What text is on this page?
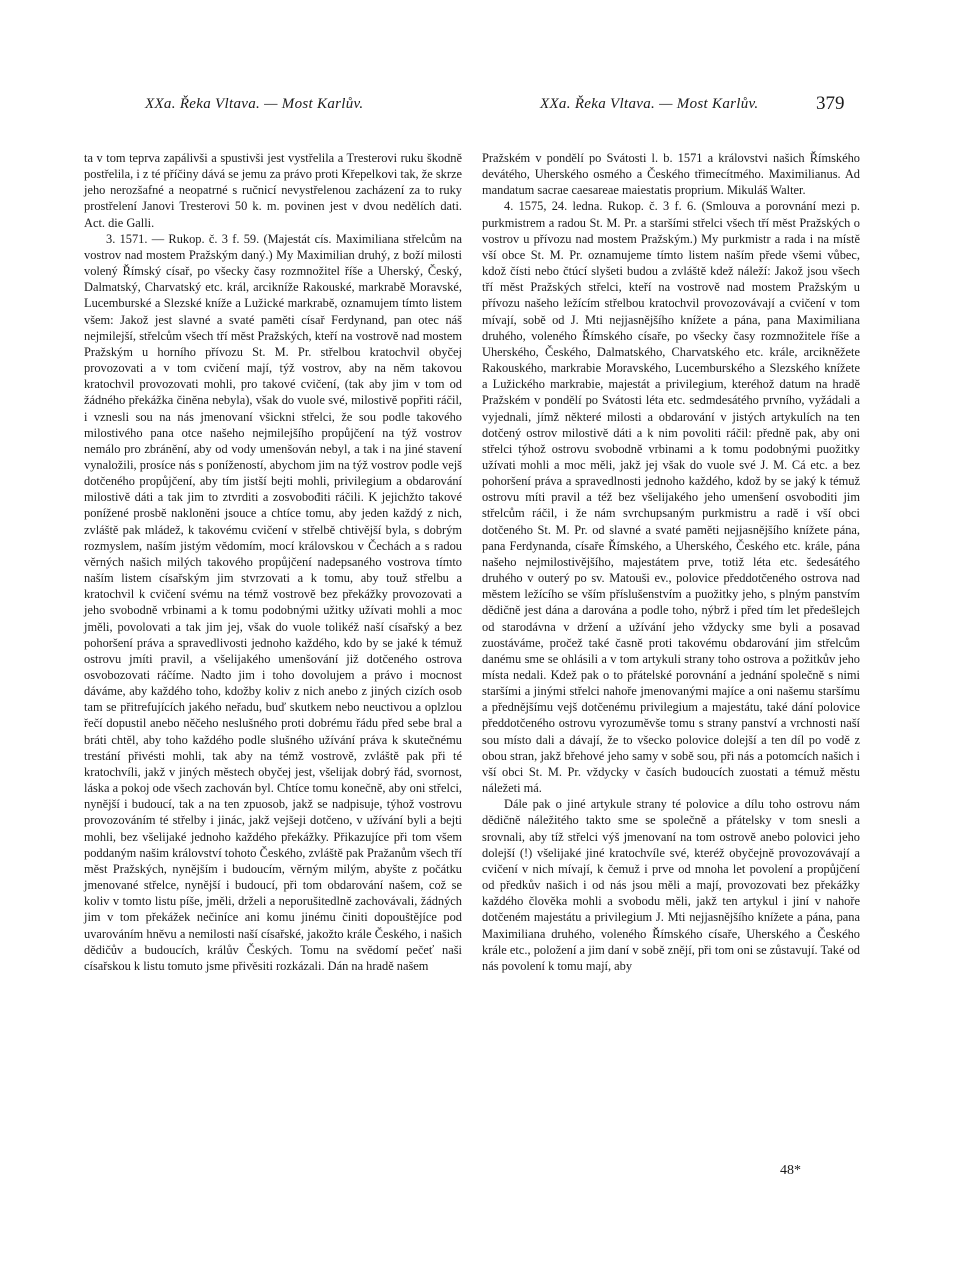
XXa. Řeka Vltava. — Most Karlův.	XXa. Řeka Vltava. — Most Karlův.	379

ta v tom teprva zapálivši a spustivši jest vystřelila a Tresterovi ruku škodně postřelila, i z té příčiny dává se jemu za právo proti Křepelkovi tak, že skrze jeho nerozšafné a neopatrné s ručnicí nevystřelenou zacházení za to ruky prostřelení Janovi Tresterovi 50 k. m. povinen jest v dvou nedělích dati. Act. die Galli.

3. 1571. — Rukop. č. 3 f. 59. (Majestát cís. Maximiliana střelcům na vostrov nad mostem Pražským daný.) My Maximilian druhý, z boží milosti volený Římský císař, po všecky časy rozmnožitel říše a Uherský, Český, Dalmatský, Charvatský etc. král, arcikníže Rakouské, markrabě Moravské, Lucemburské a Slezské kníže a Lužické markrabě, oznamujem tímto listem všem: Jakož jest slavné a svaté paměti císař Ferdynand, pan otec náš nejmilejší, střelcům všech tří měst Pražských, kteří na vostrově nad mostem Pražským u horního přívozu St. M. Pr. střelbou kratochvil obyčej provozovati a v tom cvičení mají, týž vostrov, aby na něm takovou kratochvil provozovati mohli, pro takové cvičení, (tak aby jim v tom od žádného překážka činěna nebyla), však do vuole své, milostivě popřiti ráčil, i vznesli sou na nás jmenovaní všickni střelci, že sou podle takového milostivého pana otce našeho nejmilejšího propůjčení na týž vostrov nemálo pro zbránění, aby od vody umenšován nebyl, a tak i na jiné stavení vynaložili, prosíce nás s ponížeností, abychom jim na týž vostrov podle vejš dotčeného propůjčení, aby tím jistší bejti mohli, privilegium a obdarování milostivě dáti a tak jim to ztvrditi a zosvobođiti ráčili. K jejichžto takové ponížené prosbě nakloněni jsouce a chtíce tomu, aby jeden každý z nich, zvláště pak mládež, k takovému cvičení v střelbě chtivější byla, s dobrým rozmyslem, naším jistým vědomím, mocí královskou v Čechách a s radou věrných našich milých takového propůjčení nadepsaného vostrova tímto naším listem císařským jim stvrzovati a k tomu, aby touž střelbu a kratochvil k cvičení svému na témž vostrově bez překážky provozovati a jeho svobodně vrbinami a k tomu podobnými užitky užívati mohli a moc jměli, povolovati a tak jim jej, však do vuole tolikéž naší císařský a bez pohoršení práva a spravedlivosti jednoho každého, kdo by se jaké k témuž ostrovu jmíti pravil, a všelijakého umenšování již dotčeného ostrova osvobozovati ráčíme. Nadto jim i toho dovolujem a právo i mocnost dáváme, aby každého toho, kdožby koliv z nich anebo z jiných cizích osob tam se přitrefujících jakého neřadu, buď skutkem nebo neuctivou a oplzlou řečí dopustil anebo něčeho neslušného proti dobrému řádu před sebe bral a bráti chtěl, aby toho každého podle slušného užívání práva k skutečnému trestání přivésti mohli, tak aby na témž vostrově, zvláště pak při té kratochvíli, jakž v jiných městech obyčej jest, všelijak dobrý řád, svornost, láska a pokoj ode všech zachován byl. Chtíce tomu konečně, aby oni střelci, nynější i budoucí, tak a na ten zpuosob, jakž se nadpisuje, týhož vostrovu provozováním té střelby i jinác, jakž vejšeji dotčeno, v užívání byli a bejti mohli, bez všelijaké jednoho každého překážky. Přikazujíce při tom všem poddaným našim království tohoto Českého, zvláště pak Pražanům všech tří měst Pražských, nynějším i budoucím, věrným milým, abyšte z počátku jmenované střelce, nynější i budoucí, při tom obdarování našem, což se koliv v tomto listu píše, jměli, drželi a neporušitedlně zachovávali, žádných jim v tom překážek nečiníce ani komu jinému činiti dopouštějíce pod uvarováním hněvu a nemilosti naší císařské, jakožto krále Českého, i našich dědičův a budoucích, králův Českých. Tomu na svědomí pečeť naši císařskou k listu tomuto jsme přivěsiti rozkázali. Dán na hradě našem

Pražském v pondělí po Svátosti l. b. 1571 a královstvi našich Římského devátého, Uherského osmého a Českého třimecítmého. Maximilianus. Ad mandatum sacrae caesareae maiestatis proprium. Mikuláš Walter.

4. 1575, 24. ledna. Rukop. č. 3 f. 6. (Smlouva a porovnání mezi p. purkmistrem a radou St. M. Pr. a staršími střelci všech tří měst Pražských o vostrov u přívozu nad mostem Pražským.) My purkmistr a rada i na místě vší obce St. M. Pr. oznamujeme tímto listem naším přede všemi vůbec, kdož čísti nebo čtúcí slyšeti budou a zvláště kdež náleží: Jakož jsou všech tří měst Pražských střelci, kteří na vostrově nad mostem Pražským u přívozu našeho ležícím střelbou kratochvil provozovávají a cvičení v tom mívají, sobě od J. Mti nejjasnějšího knížete a pána, pana Maximiliana druhého, voleného Římského císaře, po všecky časy rozmnožitele říše a Uherského, Českého, Dalmatského, Charvatského etc. krále, arcikněžete Rakouského, markrabie Moravského, Lucemburského a Slezského knížete a Lužického markrabie, majestát a privilegium, kteréhož datum na hradě Pražském v pondělí po Svátosti léta etc. sedmdesátého prvního, vyžádali a vyjednali, jímž některé milosti a obdarování v jistých artykulích na ten dotčený ostrov milostivě dáti a k nim povoliti ráčil: předně pak, aby oni střelci týhož ostrovu svobodně vrbinami a k tomu podobnými puožitky užívati mohli a moc měli, jakž jej však do vuole své J. M. Cá etc. a bez pohoršení práva a spravedlnosti jednoho každého, kdož by se jaký k témuž ostrovu míti pravil a též bez všelijakého jeho umenšení osvoboditi jim střelcům ráčil, i že nám svrchupsaným purkmistru a radě i vší obci dotčeného St. M. Pr. od slavné a svaté paměti nejjasnějšího knížete pána, pana Ferdynanda, císaře Římského, a Uherského, Českého etc. krále, pána našeho nejmilostivějšího, majestátem prve, totiž léta etc. šedesátého druhého v outerý po sv. Matouši ev., polovice předdotčeného ostrova nad městem ležícího se vším příslušenstvím a puožitky jeho, s plným panstvím dědičně jest dána a darována a podle toho, nýbrž i před tím let předešlejch od starodávna v držení a užívání jeho vždycky sme byli a posavad zuostáváme, pročež také časně proti takovému obdarování jim střelcům danému sme se ohlásili a v tom artykuli strany toho ostrova a požitkův jeho místa nedali. Kdež pak o to přátelské porovnání a jednání společně s nimi staršími a jinými střelci nahoře jmenovanými majíce a oni našemu staršímu a přednějšímu vejš dotčenému privilegium a majestátu, také dání polovice předdotčeného ostrovu vyrozuměvše tomu s strany panství a vrchnosti naší sou místo dali a dávají, že to všecko polovice dolejší a ten díl po vodě z obou stran, jakž břehové jeho samy v sobě sou, při nás a potomcích našich i vší obci St. M. Pr. vždycky v časích budoucích zuostati a témuž městu náležeti má.

Dále pak o jiné artykule strany té polovice a dílu toho ostrovu nám dědičně náležitého takto sme se společně a přátelsky v tom snesli a srovnali, aby tíž střelci výš jmenovaní na tom ostrově anebo polovici jeho dolejší (!) všelijaké jiné kratochvíle své, kteréž obyčejně provozovávají a cvičení v nich mívají, k čemuž i prve od mnoha let povolení a propůjčení od předkův našich i od nás jsou měli a mají, provozovati bez překážky každého člověka mohli a svobodu měli, jakž ten artykul i jiní v nahoře dotčeném majestátu a privilegium J. Mti nejjasnějšího knížete a pána, pana Maximiliana druhého, voleného Římského císaře, Uherského a Českého krále etc., položení a jim daní v sobě znějí, při tom oni se zůstavují. Také od nás povolení k tomu mají, aby

48*
